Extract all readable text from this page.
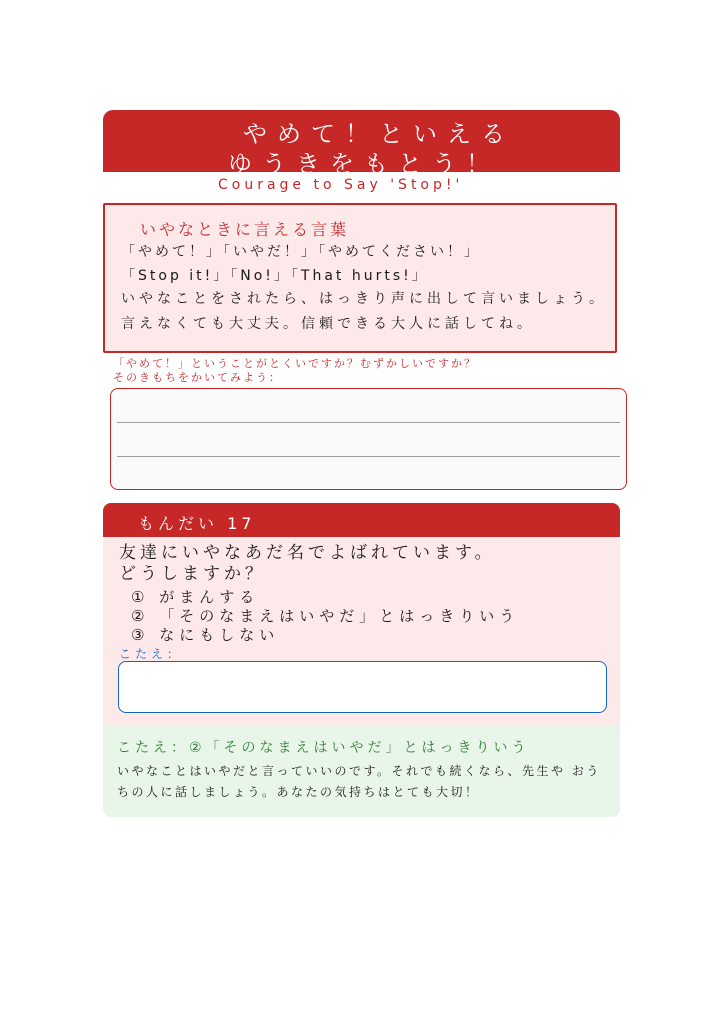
やめて！といえる
ゆうきをもとう！
Courage to Say 'Stop!'
いやなときに言える言葉
「やめて！」「いやだ！」「やめてください！」
「Stop it!」「No!」「That hurts!」
いやなことをされたら、はっきり声に出して言いましょう。言えなくても大丈夫。信頼できる大人に話してね。
「やめて！」ということがとくいですか？むずかしいですか？
そのきもちをかいてみよう：
もんだい 17
友達にいやなあだ名でよばれています。
どうしますか？
① がまんする
② 「そのなまえはいやだ」とはっきりいう
③ なにもしない
こたえ：
こたえ：②「そのなまえはいやだ」とはっきりいう
いやなことはいやだと言っていいのです。それでも続くなら、先生や おうちの人に話しましょう。あなたの気持ちはとても大切！
